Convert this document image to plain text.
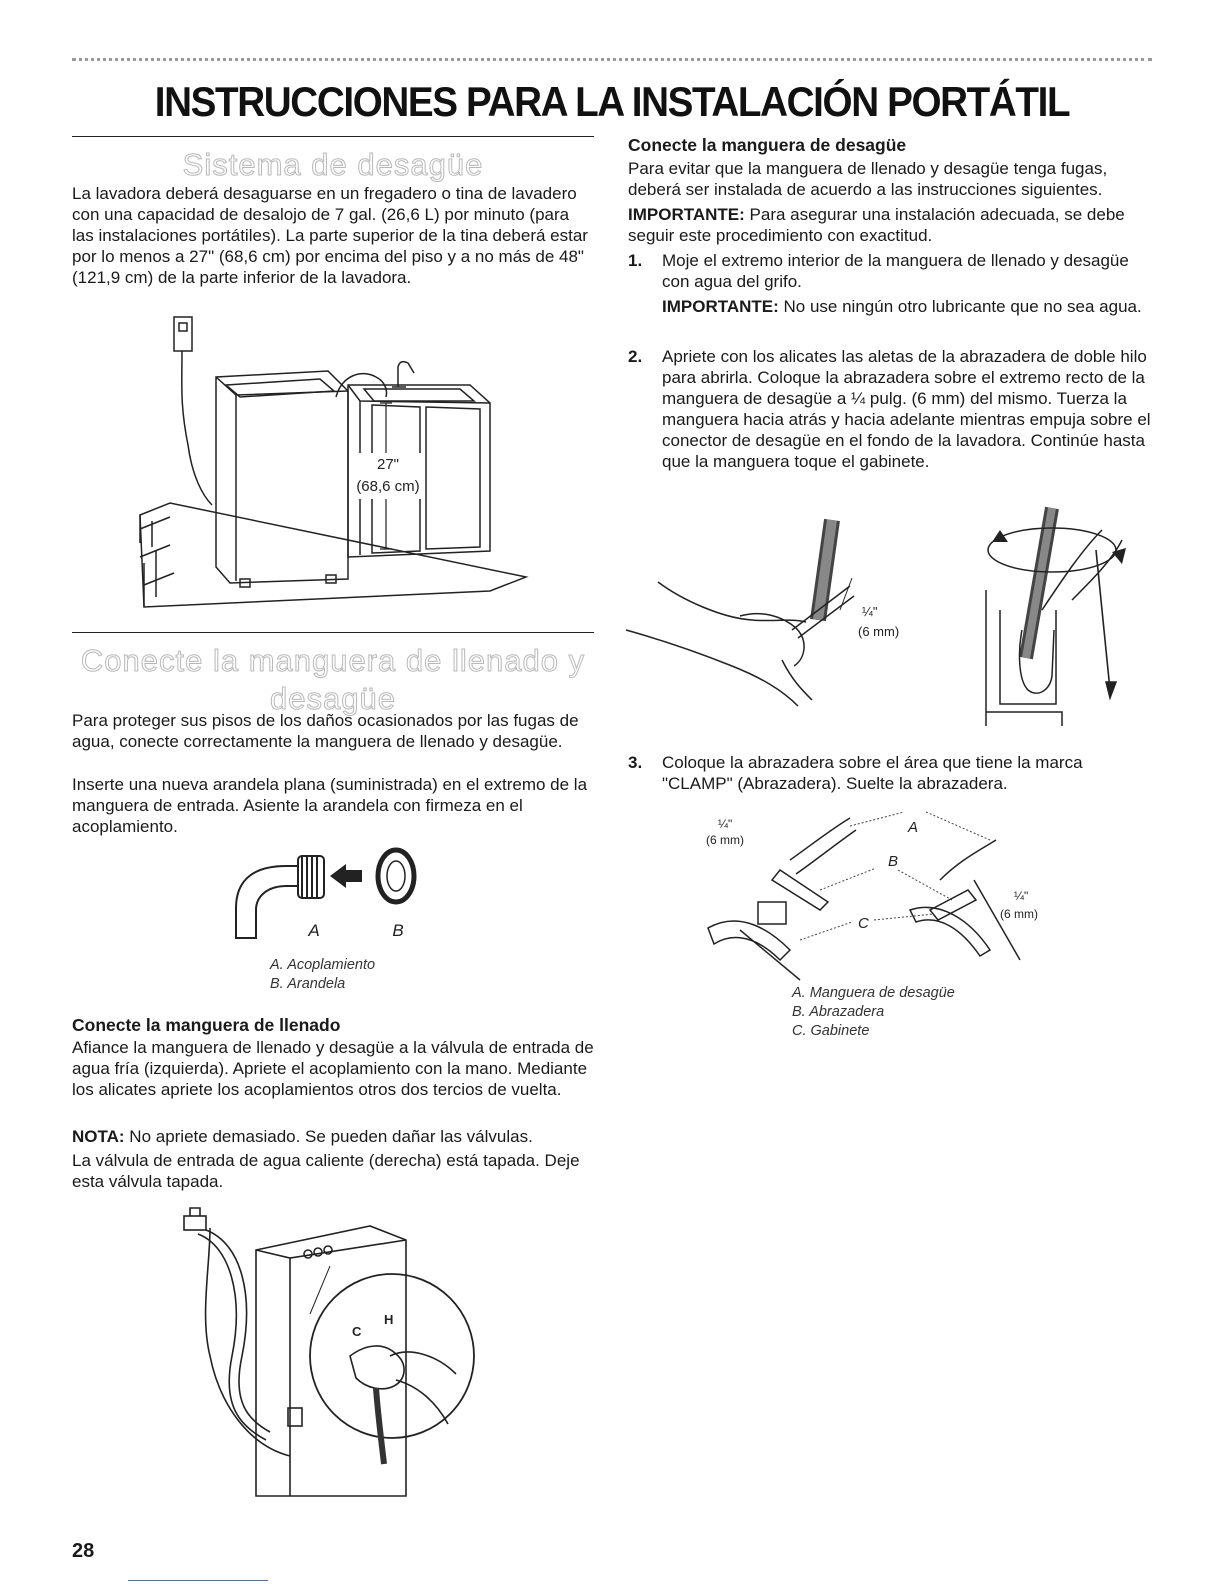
INSTRUCCIONES PARA LA INSTALACIÓN PORTÁTIL
Sistema de desagüe

La lavadora deberá desaguarse en un fregadero o tina de lavadero con una capacidad de desalojo de 7 gal. (26,6 L) por minuto (para las instalaciones portátiles). La parte superior de la tina deberá estar por lo menos a 27" (68,6 cm) por encima del piso y a no más de 48" (121,9 cm) de la parte inferior de la lavadora.

27"
(68,6 cm)
Conecte la manguera de llenado y desagüe

Para proteger sus pisos de los daños ocasionados por las fugas de agua, conecte correctamente la manguera de llenado y desagüe.

Inserte una nueva arandela plana (suministrada) en el extremo de la manguera de entrada. Asiente la arandela con firmeza en el acoplamiento.

A	B
A. Acoplamiento
B. Arandela
Conecte la manguera de llenado

Afiance la manguera de llenado y desagüe a la válvula de entrada de agua fría (izquierda). Apriete el acoplamiento con la mano. Mediante los alicates apriete los acoplamientos otros dos tercios de vuelta.

NOTA: No apriete demasiado. Se pueden dañar las válvulas.

La válvula de entrada de agua caliente (derecha) está tapada. Deje esta válvula tapada.

C
H
Conecte la manguera de desagüe

Para evitar que la manguera de llenado y desagüe tenga fugas, deberá ser instalada de acuerdo a las instrucciones siguientes.

IMPORTANTE: Para asegurar una instalación adecuada, se debe seguir este procedimiento con exactitud.

1. Moje el extremo interior de la manguera de llenado y desagüe con agua del grifo.

IMPORTANTE: No use ningún otro lubricante que no sea agua.

2. Apriete con los alicates las aletas de la abrazadera de doble hilo para abrirla. Coloque la abrazadera sobre el extremo recto de la manguera de desagüe a ¼ pulg. (6 mm) del mismo. Tuerza la manguera hacia atrás y hacia adelante mientras empuja sobre el conector de desagüe en el fondo de la lavadora. Continúe hasta que la manguera toque el gabinete.
¼"
(6 mm)
3. Coloque la abrazadera sobre el área que tiene la marca "CLAMP" (Abrazadera). Suelte la abrazadera.
¼"
(6 mm)
A
B
C
¼"
(6 mm)
A. Manguera de desagüe
B. Abrazadera
C. Gabinete
28
